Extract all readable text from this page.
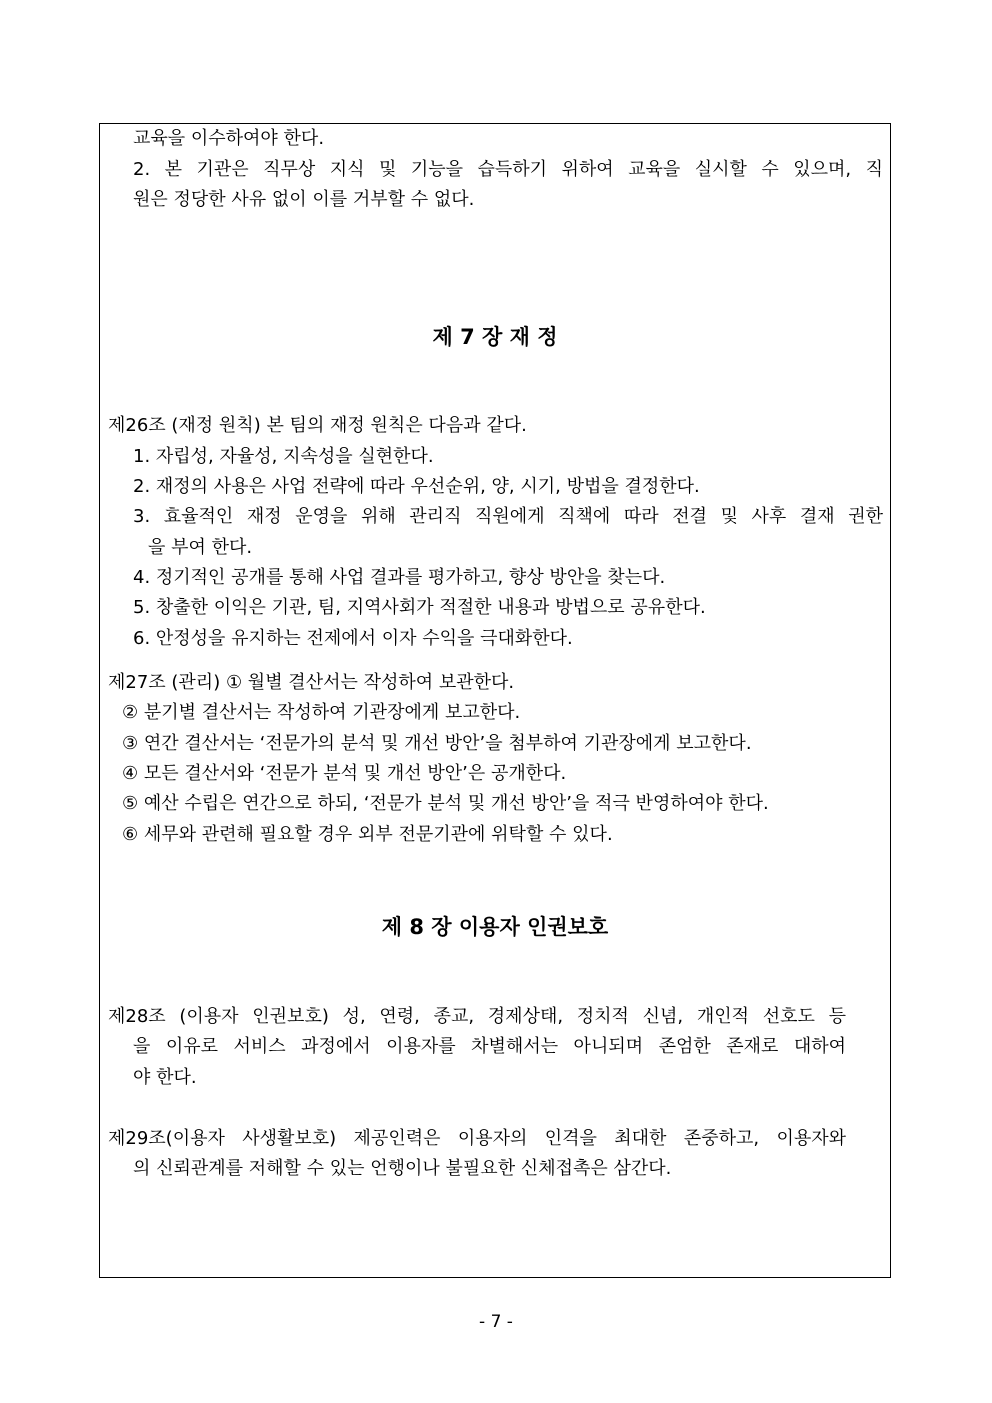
교육을 이수하여야 한다.
2. 본 기관은 직무상 지식 및 기능을 습득하기 위하여 교육을 실시할 수 있으며, 직
원은 정당한 사유 없이 이를 거부할 수 없다.
제 7 장 재 정
제26조 (재정 원칙) 본 팀의 재정 원칙은 다음과 같다.
1. 자립성, 자율성, 지속성을 실현한다.
2. 재정의 사용은 사업 전략에 따라 우선순위, 양, 시기, 방법을 결정한다.
3. 효율적인 재정 운영을 위해 관리직 직원에게 직책에 따라 전결 및 사후 결재 권한
을 부여 한다.
4. 정기적인 공개를 통해 사업 결과를 평가하고, 향상 방안을 찾는다.
5. 창출한 이익은 기관, 팀, 지역사회가 적절한 내용과 방법으로 공유한다.
6. 안정성을 유지하는 전제에서 이자 수익을 극대화한다.
제27조 (관리) ① 월별 결산서는 작성하여 보관한다.
② 분기별 결산서는 작성하여 기관장에게 보고한다.
③ 연간 결산서는 ‘전문가의 분석 및 개선 방안’을 첨부하여 기관장에게 보고한다.
④ 모든 결산서와 ‘전문가 분석 및 개선 방안’은 공개한다.
⑤ 예산 수립은 연간으로 하되, ‘전문가 분석 및 개선 방안’을 적극 반영하여야 한다.
⑥ 세무와 관련해 필요할 경우 외부 전문기관에 위탁할 수 있다.
제 8 장 이용자 인권보호
제28조 (이용자 인권보호) 성, 연령, 종교, 경제상태, 정치적 신념, 개인적 선호도 등
을 이유로 서비스 과정에서 이용자를 차별해서는 아니되며 존엄한 존재로 대하여
야 한다.
제29조(이용자 사생활보호) 제공인력은 이용자의 인격을 최대한 존중하고, 이용자와
의 신뢰관계를 저해할 수 있는 언행이나 불필요한 신체접촉은 삼간다.
- 7 -
